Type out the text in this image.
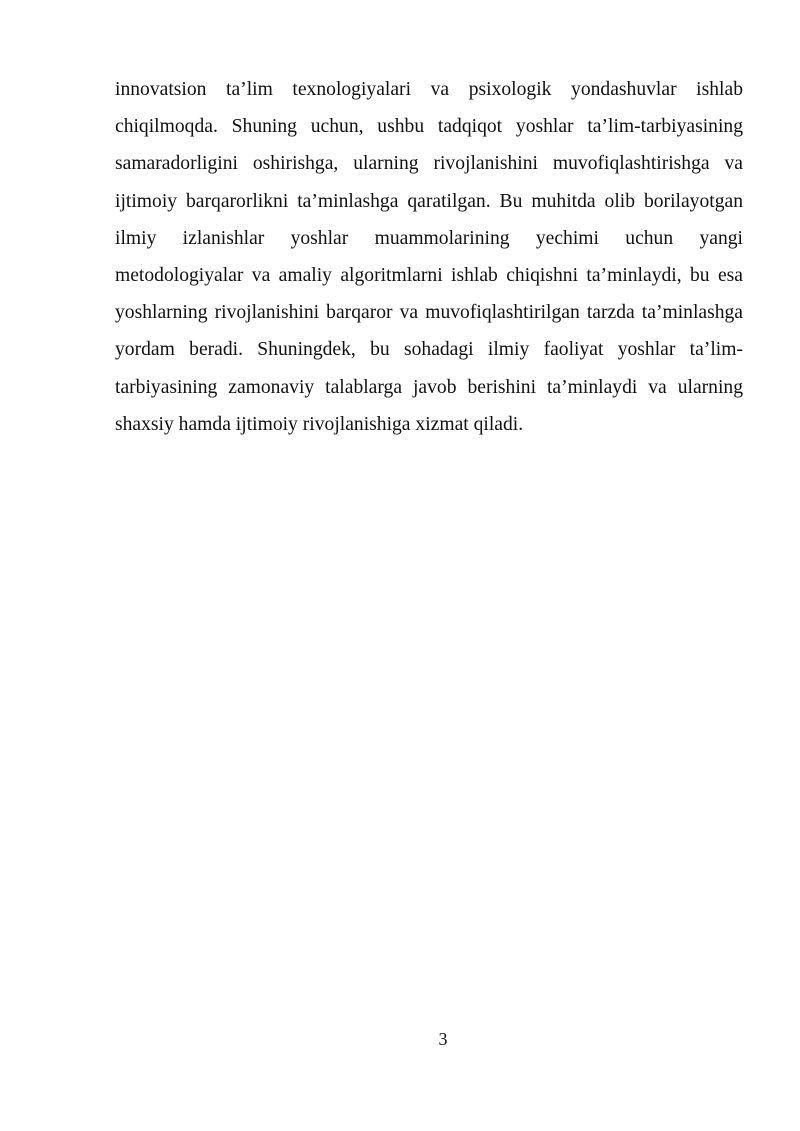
innovatsion ta’lim texnologiyalari va psixologik yondashuvlar ishlab chiqilmoqda. Shuning uchun, ushbu tadqiqot yoshlar ta’lim-tarbiyasining samaradorligini oshirishga, ularning rivojlanishini muvofiqlashtirishga va ijtimoiy barqarorlikni ta’minlashga qaratilgan. Bu muhitda olib borilayotgan ilmiy izlanishlar yoshlar muammolarining yechimi uchun yangi metodologiyalar va amaliy algoritmlarni ishlab chiqishni ta’minlaydi, bu esa yoshlarning rivojlanishini barqaror va muvofiqlashtirilgan tarzda ta’minlashga yordam beradi. Shuningdek, bu sohadagi ilmiy faoliyat yoshlar ta’lim-tarbiyasining zamonaviy talablarga javob berishini ta’minlaydi va ularning shaxsiy hamda ijtimoiy rivojlanishiga xizmat qiladi.

3
